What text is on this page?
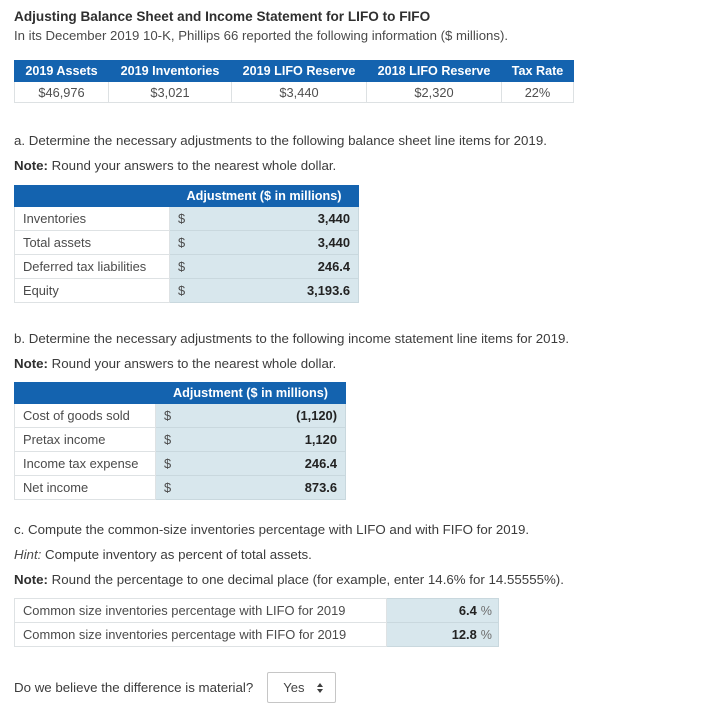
Adjusting Balance Sheet and Income Statement for LIFO to FIFO
In its December 2019 10-K, Phillips 66 reported the following information ($ millions).
2019 Assets	2019 Inventories	2019 LIFO Reserve	2018 LIFO Reserve	Tax Rate
$46,976	$3,021	$3,440	$2,320	22%
a. Determine the necessary adjustments to the following balance sheet line items for 2019.
Note: Round your answers to the nearest whole dollar.
	Adjustment ($ in millions)
Inventories	$ 3,440

Total assets	$ 3,440

Deferred tax liabilities	$ 246.4

Equity	$ 3,193.6
b. Determine the necessary adjustments to the following income statement line items for 2019.
Note: Round your answers to the nearest whole dollar.
	Adjustment ($ in millions)
Cost of goods sold	$ (1,120)

Pretax income	$ 1,120

Income tax expense	$ 246.4

Net income	$ 873.6
c. Compute the common-size inventories percentage with LIFO and with FIFO for 2019.
Hint: Compute inventory as percent of total assets.
Note: Round the percentage to one decimal place (for example, enter 14.6% for 14.55555%).
Common size inventories percentage with LIFO for 2019	6.4 %

Common size inventories percentage with FIFO for 2019	12.8 %
Do we believe the difference is material? Yes
